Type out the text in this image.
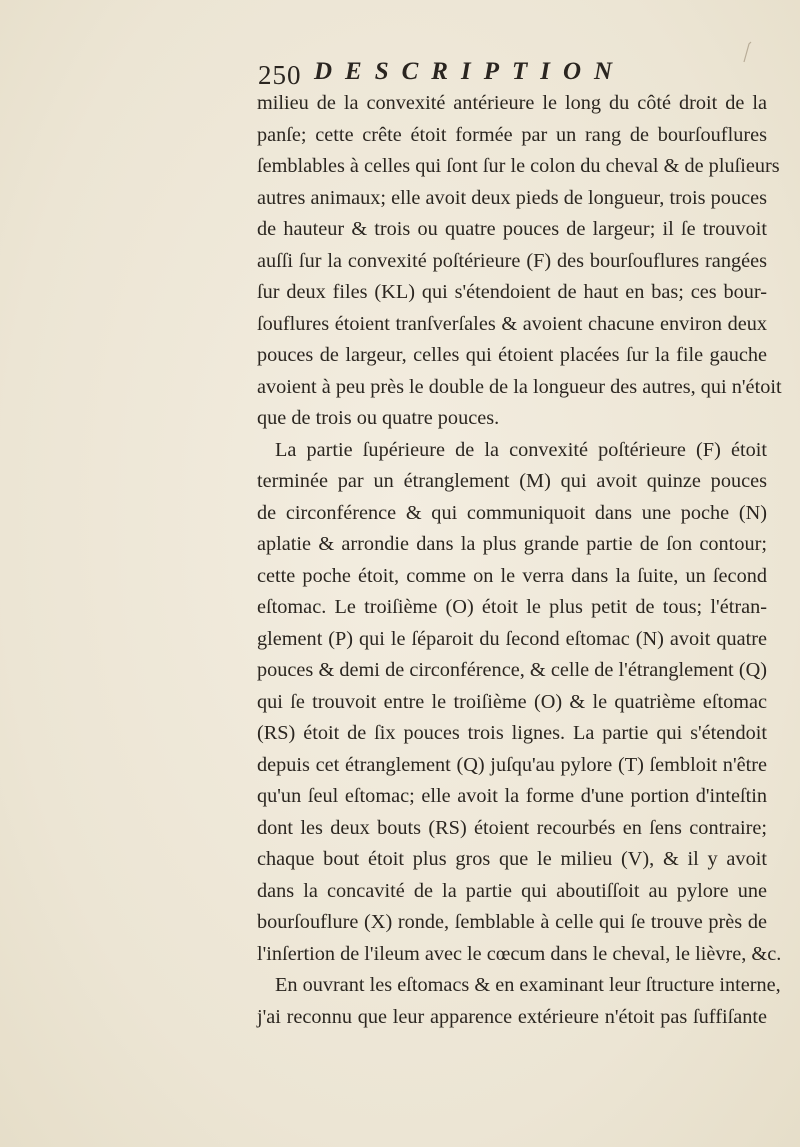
250 DESCRIPTION
milieu de la convexité antérieure le long du côté droit de la
panſe; cette crête étoit formée par un rang de bourſouflures
ſemblables à celles qui ſont ſur le colon du cheval & de pluſieurs
autres animaux; elle avoit deux pieds de longueur, trois pouces
de hauteur & trois ou quatre pouces de largeur; il ſe trouvoit
auſſi ſur la convexité poſtérieure (F) des bourſouflures rangées
ſur deux files (KL) qui s'étendoient de haut en bas; ces bour-
ſouflures étoient tranſverſales & avoient chacune environ deux
pouces de largeur, celles qui étoient placées ſur la file gauche
avoient à peu près le double de la longueur des autres, qui n'étoit
que de trois ou quatre pouces.
La partie ſupérieure de la convexité poſtérieure (F) étoit
terminée par un étranglement (M) qui avoit quinze pouces
de circonférence & qui communiquoit dans une poche (N)
aplatie & arrondie dans la plus grande partie de ſon contour;
cette poche étoit, comme on le verra dans la ſuite, un ſecond
eſtomac. Le troiſième (O) étoit le plus petit de tous; l'étran-
glement (P) qui le ſéparoit du ſecond eſtomac (N) avoit quatre
pouces & demi de circonférence, & celle de l'étranglement (Q)
qui ſe trouvoit entre le troiſième (O) & le quatrième eſtomac
(RS) étoit de ſix pouces trois lignes. La partie qui s'étendoit
depuis cet étranglement (Q) juſqu'au pylore (T) ſembloit n'être
qu'un ſeul eſtomac; elle avoit la forme d'une portion d'inteſtin
dont les deux bouts (RS) étoient recourbés en ſens contraire;
chaque bout étoit plus gros que le milieu (V), & il y avoit
dans la concavité de la partie qui aboutiſſoit au pylore une
bourſouflure (X) ronde, ſemblable à celle qui ſe trouve près de
l'inſertion de l'ileum avec le cœcum dans le cheval, le lièvre, &c.
En ouvrant les eſtomacs & en examinant leur ſtructure interne,
j'ai reconnu que leur apparence extérieure n'étoit pas ſuffiſante
